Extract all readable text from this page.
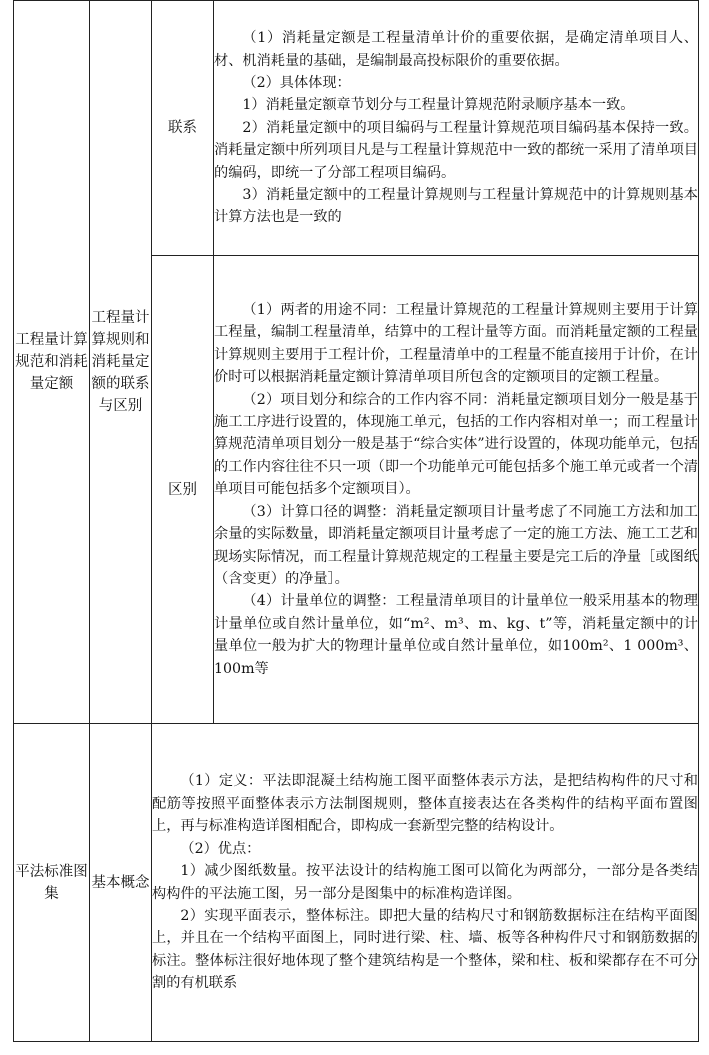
工程量计算规范和消耗量定额	工程量计算规则和消耗量定额的联系与区别	联系	（1）消耗量定额是工程量清单计价的重要依据，是确定清单项目人、材、机消耗量的基础，是编制最高投标限价的重要依据。

（2）具体体现：

1）消耗量定额章节划分与工程量计算规范附录顺序基本一致。

2）消耗量定额中的项目编码与工程量计算规范项目编码基本保持一致。消耗量定额中所列项目凡是与工程量计算规范中一致的都统一采用了清单项目的编码，即统一了分部工程项目编码。

3）消耗量定额中的工程量计算规则与工程量计算规范中的计算规则基本计算方法也是一致的

		区别	（1）两者的用途不同：工程量计算规范的工程量计算规则主要用于计算工程量，编制工程量清单，结算中的工程计量等方面。而消耗量定额的工程量计算规则主要用于工程计价，工程量清单中的工程量不能直接用于计价，在计价时可以根据消耗量定额计算清单项目所包含的定额项目的定额工程量。

（2）项目划分和综合的工作内容不同：消耗量定额项目划分一般是基于施工工序进行设置的，体现施工单元，包括的工作内容相对单一；而工程量计算规范清单项目划分一般是基于“综合实体”进行设置的，体现功能单元，包括的工作内容往往不只一项（即一个功能单元可能包括多个施工单元或者一个清单项目可能包括多个定额项目）。

（3）计算口径的调整：消耗量定额项目计量考虑了不同施工方法和加工余量的实际数量，即消耗量定额项目计量考虑了一定的施工方法、施工工艺和现场实际情况，而工程量计算规范规定的工程量主要是完工后的净量［或图纸（含变更）的净量］。

（4）计量单位的调整：工程量清单项目的计量单位一般采用基本的物理计量单位或自然计量单位，如“m²、m³、m、kg、t”等，消耗量定额中的计量单位一般为扩大的物理计量单位或自然计量单位，如100m²、1 000m³、100m等

平法标准图集	基本概念	（1）定义：平法即混凝土结构施工图平面整体表示方法，是把结构构件的尺寸和配筋等按照平面整体表示方法制图规则，整体直接表达在各类构件的结构平面布置图上，再与标准构造详图相配合，即构成一套新型完整的结构设计。

（2）优点：

1）减少图纸数量。按平法设计的结构施工图可以简化为两部分，一部分是各类结构构件的平法施工图，另一部分是图集中的标准构造详图。

2）实现平面表示，整体标注。即把大量的结构尺寸和钢筋数据标注在结构平面图上，并且在一个结构平面图上，同时进行梁、柱、墙、板等各种构件尺寸和钢筋数据的标注。整体标注很好地体现了整个建筑结构是一个整体，梁和柱、板和梁都存在不可分割的有机联系	
